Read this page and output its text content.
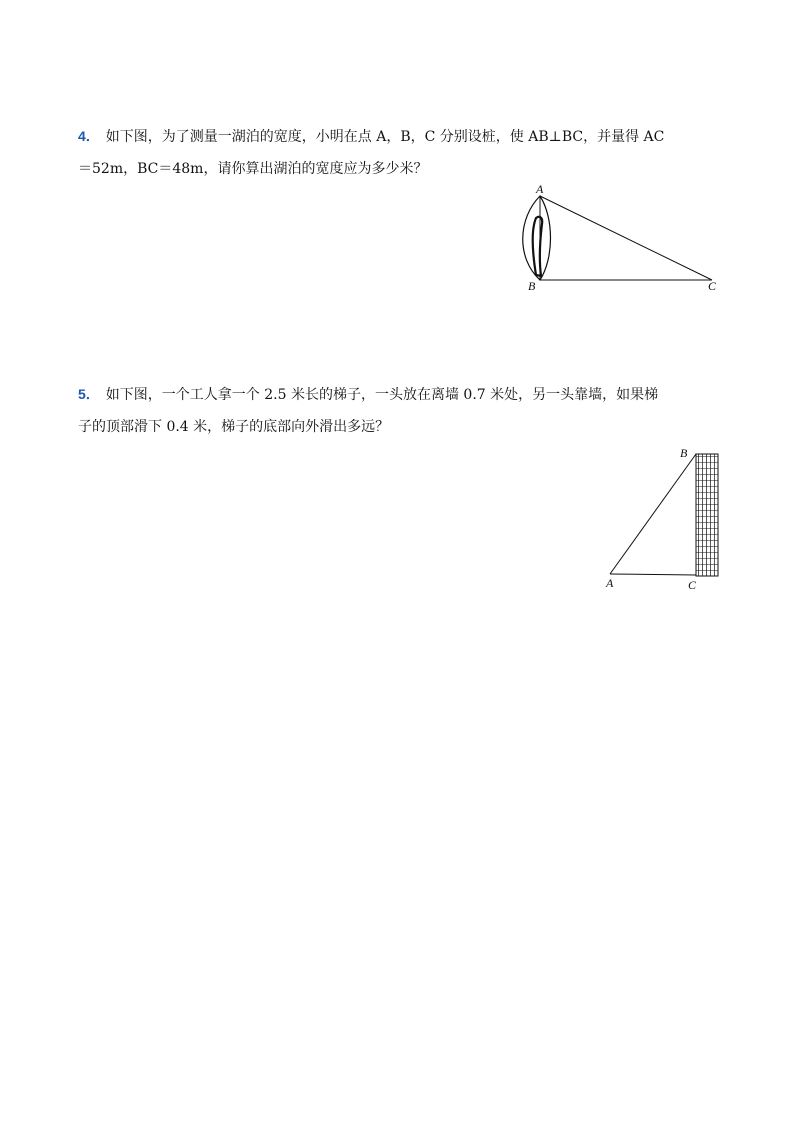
4． 如下图，为了测量一湖泊的宽度，小明在点 A，B，C 分别设桩，使 AB⊥BC，并量得 AC
＝52m，BC＝48m，请你算出湖泊的宽度应为多少米？
A
B	C
5． 如下图，一个工人拿一个 2.5 米长的梯子，一头放在离墙 0.7 米处，另一头靠墙，如果梯
子的顶部滑下 0.4 米，梯子的底部向外滑出多远？
B
A	C
